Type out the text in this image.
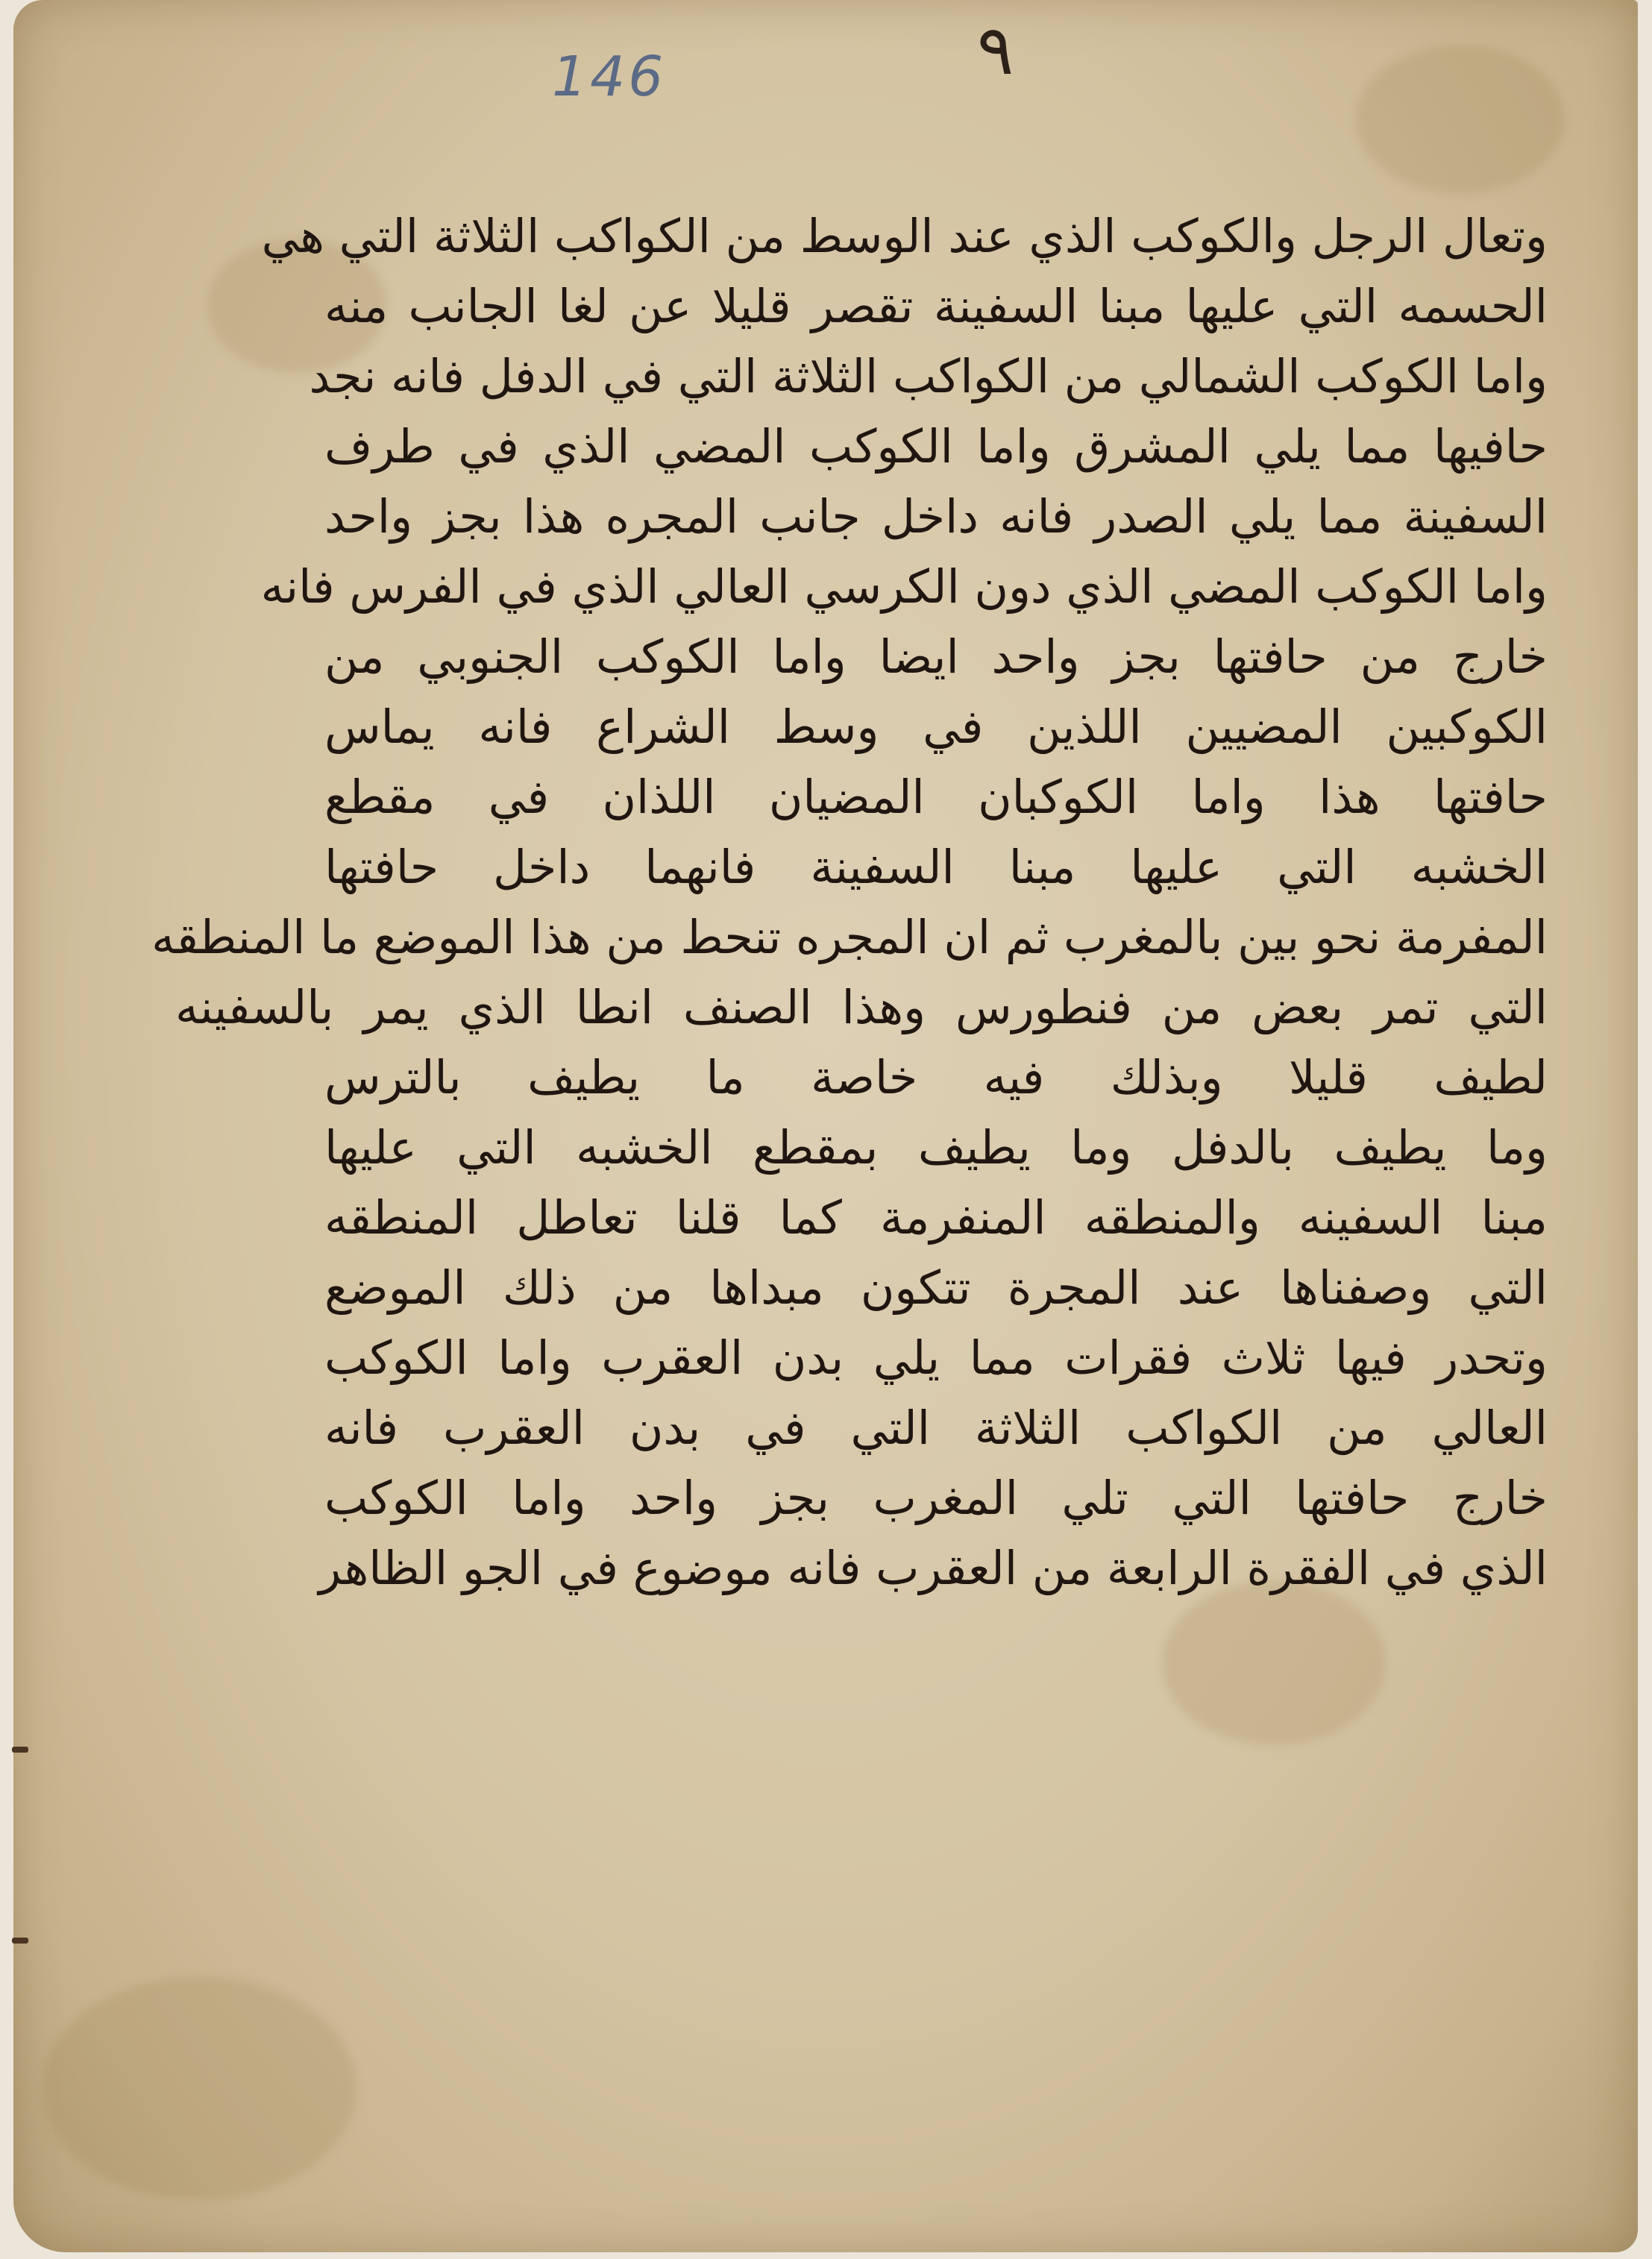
146	٩
وتعال الرجل والكوكب الذي عند الوسط من الكواكب الثلاثة التي هي
الحسمه التي عليها مبنا السفينة تقصر قليلا عن لغا الجانب منه
واما الكوكب الشمالي من الكواكب الثلاثة التي في الدفل فانه نجد
حافيها مما يلي المشرق واما الكوكب المضي الذي في طرف
السفينة مما يلي الصدر فانه داخل جانب المجره هذا بجز واحد
واما الكوكب المضي الذي دون الكرسي العالي الذي في الفرس فانه
خارج من حافتها بجز واحد ايضا واما الكوكب الجنوبي من
الكوكبين المضيين اللذين في وسط الشراع فانه يماس
حافتها هذا واما الكوكبان المضيان اللذان في مقطع
الخشبه التي عليها مبنا السفينة فانهما داخل حافتها
المفرمة نحو بين بالمغرب ثم ان المجره تنحط من هذا الموضع ما المنطقه
التي تمر بعض من فنطورس وهذا الصنف انطا الذي يمر بالسفينه
لطيف قليلا وبذلك فيه خاصة ما يطيف بالترس
وما يطيف بالدفل وما يطيف بمقطع الخشبه التي عليها
مبنا السفينه والمنطقه المنفرمة كما قلنا تعاطل المنطقه
التي وصفناها عند المجرة تتكون مبداها من ذلك الموضع
وتحدر فيها ثلاث فقرات مما يلي بدن العقرب واما الكوكب
العالي من الكواكب الثلاثة التي في بدن العقرب فانه
خارج حافتها التي تلي المغرب بجز واحد واما الكوكب
الذي في الفقرة الرابعة من العقرب فانه موضوع في الجو الظاهر
